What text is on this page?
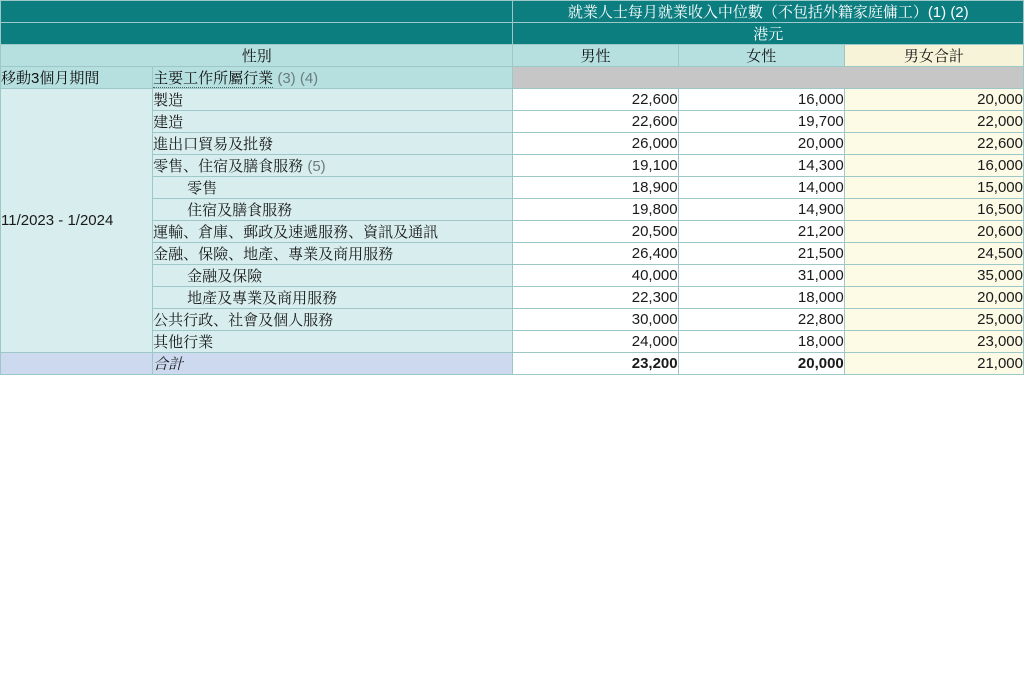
		就業人士每月就業收入中位數（不包括外籍家庭傭工）(1) (2)		
		港元		
性別		男性	女性	男女合計
移動3個月期間	主要工作所屬行業 (3) (4)			
11/2023 - 1/2024	製造	22,600	16,000	20,000
	建造	22,600	19,700	22,000
	進出口貿易及批發	26,000	20,000	22,600
	零售、住宿及膳食服務 (5)	19,100	14,300	16,000
	零售	18,900	14,000	15,000
	住宿及膳食服務	19,800	14,900	16,500
	運輸、倉庫、郵政及速遞服務、資訊及通訊	20,500	21,200	20,600
	金融、保險、地產、專業及商用服務	26,400	21,500	24,500
	金融及保險	40,000	31,000	35,000
	地產及專業及商用服務	22,300	18,000	20,000
	公共行政、社會及個人服務	30,000	22,800	25,000
	其他行業	24,000	18,000	23,000
	合計	23,200	20,000	21,000
